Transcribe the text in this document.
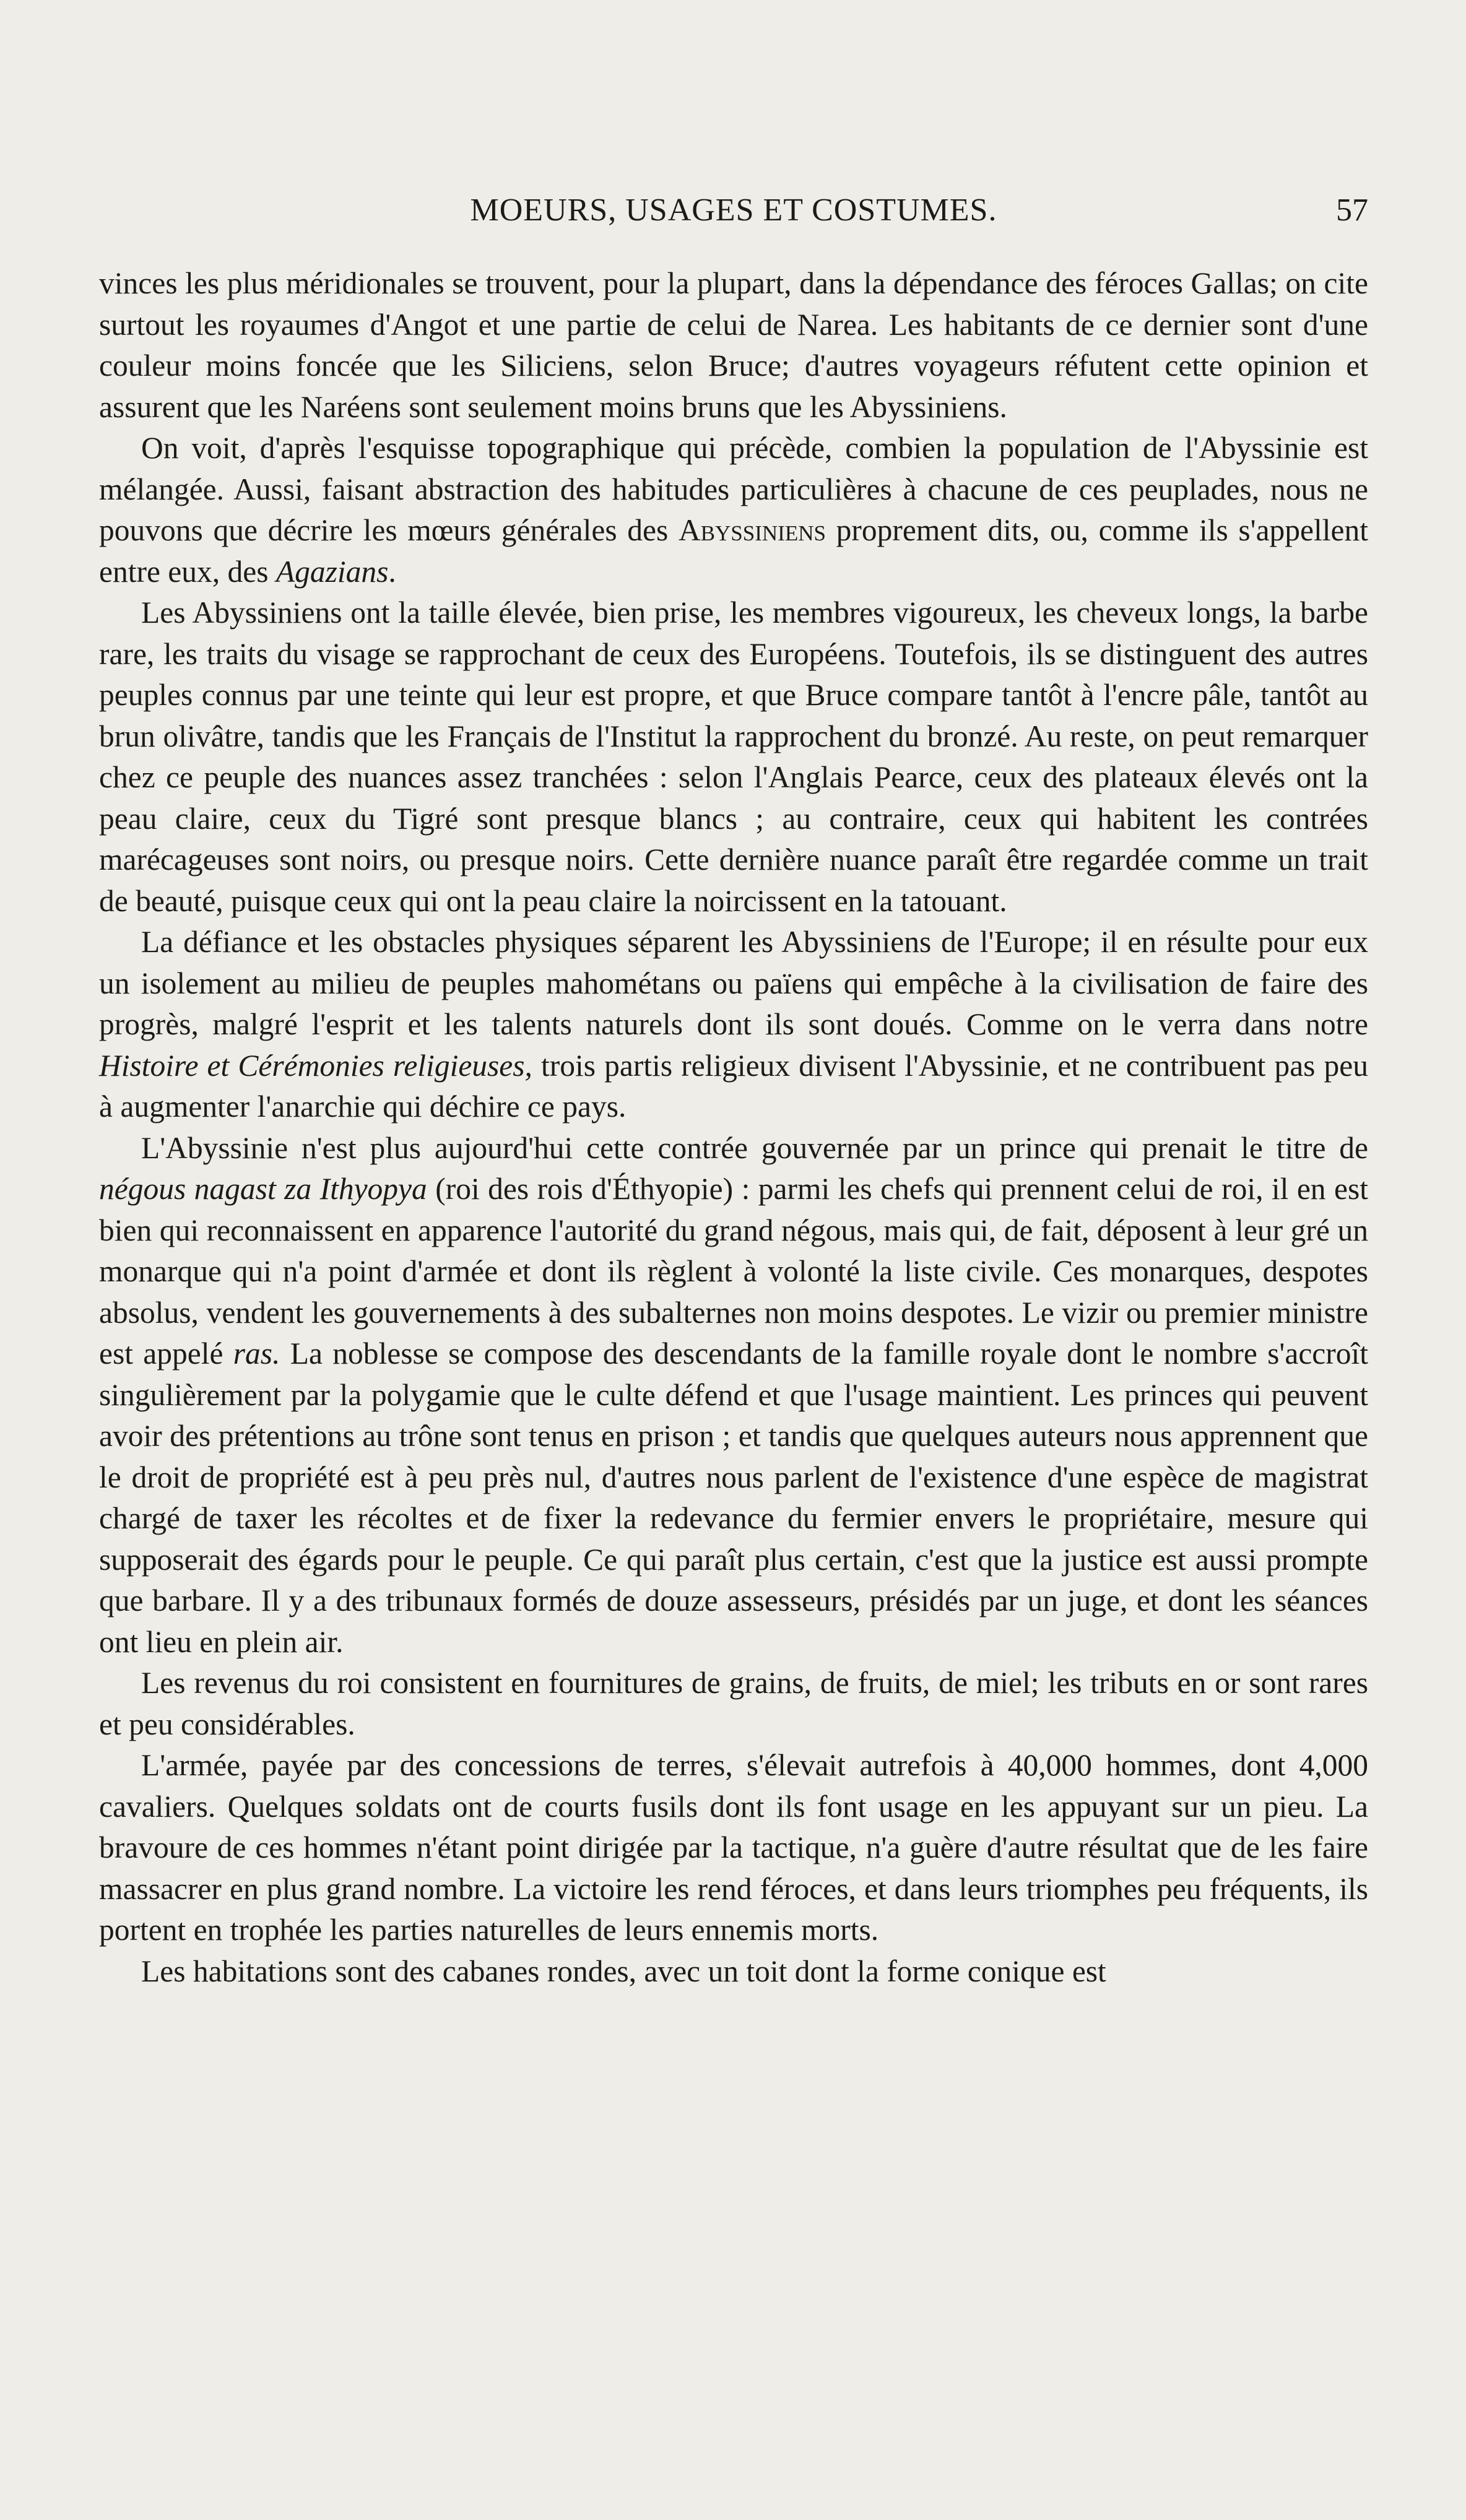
MOEURS, USAGES ET COSTUMES.	57

vinces les plus méridionales se trouvent, pour la plupart, dans la dépendance des féroces Gallas; on cite surtout les royaumes d'Angot et une partie de celui de Narea. Les habitants de ce dernier sont d'une couleur moins foncée que les Siliciens, selon Bruce; d'autres voyageurs réfutent cette opinion et assurent que les Naréens sont seulement moins bruns que les Abyssiniens.

On voit, d'après l'esquisse topographique qui précède, combien la population de l'Abyssinie est mélangée. Aussi, faisant abstraction des habitudes particulières à chacune de ces peuplades, nous ne pouvons que décrire les mœurs générales des Abyssiniens proprement dits, ou, comme ils s'appellent entre eux, des Agazians.

Les Abyssiniens ont la taille élevée, bien prise, les membres vigoureux, les cheveux longs, la barbe rare, les traits du visage se rapprochant de ceux des Européens. Toutefois, ils se distinguent des autres peuples connus par une teinte qui leur est propre, et que Bruce compare tantôt à l'encre pâle, tantôt au brun olivâtre, tandis que les Français de l'Institut la rapprochent du bronzé. Au reste, on peut remarquer chez ce peuple des nuances assez tranchées : selon l'Anglais Pearce, ceux des plateaux élevés ont la peau claire, ceux du Tigré sont presque blancs ; au contraire, ceux qui habitent les contrées marécageuses sont noirs, ou presque noirs. Cette dernière nuance paraît être regardée comme un trait de beauté, puisque ceux qui ont la peau claire la noircissent en la tatouant.

La défiance et les obstacles physiques séparent les Abyssiniens de l'Europe; il en résulte pour eux un isolement au milieu de peuples mahométans ou païens qui empêche à la civilisation de faire des progrès, malgré l'esprit et les talents naturels dont ils sont doués. Comme on le verra dans notre Histoire et Cérémonies religieuses, trois partis religieux divisent l'Abyssinie, et ne contribuent pas peu à augmenter l'anarchie qui déchire ce pays.

L'Abyssinie n'est plus aujourd'hui cette contrée gouvernée par un prince qui prenait le titre de négous nagast za Ithyopya (roi des rois d'Éthyopie) : parmi les chefs qui prennent celui de roi, il en est bien qui reconnaissent en apparence l'autorité du grand négous, mais qui, de fait, déposent à leur gré un monarque qui n'a point d'armée et dont ils règlent à volonté la liste civile. Ces monarques, despotes absolus, vendent les gouvernements à des subalternes non moins despotes. Le vizir ou premier ministre est appelé ras. La noblesse se compose des descendants de la famille royale dont le nombre s'accroît singulièrement par la polygamie que le culte défend et que l'usage maintient. Les princes qui peuvent avoir des prétentions au trône sont tenus en prison ; et tandis que quelques auteurs nous apprennent que le droit de propriété est à peu près nul, d'autres nous parlent de l'existence d'une espèce de magistrat chargé de taxer les récoltes et de fixer la redevance du fermier envers le propriétaire, mesure qui supposerait des égards pour le peuple. Ce qui paraît plus certain, c'est que la justice est aussi prompte que barbare. Il y a des tribunaux formés de douze assesseurs, présidés par un juge, et dont les séances ont lieu en plein air.

Les revenus du roi consistent en fournitures de grains, de fruits, de miel; les tributs en or sont rares et peu considérables.

L'armée, payée par des concessions de terres, s'élevait autrefois à 40,000 hommes, dont 4,000 cavaliers. Quelques soldats ont de courts fusils dont ils font usage en les appuyant sur un pieu. La bravoure de ces hommes n'étant point dirigée par la tactique, n'a guère d'autre résultat que de les faire massacrer en plus grand nombre. La victoire les rend féroces, et dans leurs triomphes peu fréquents, ils portent en trophée les parties naturelles de leurs ennemis morts.

Les habitations sont des cabanes rondes, avec un toit dont la forme conique est
